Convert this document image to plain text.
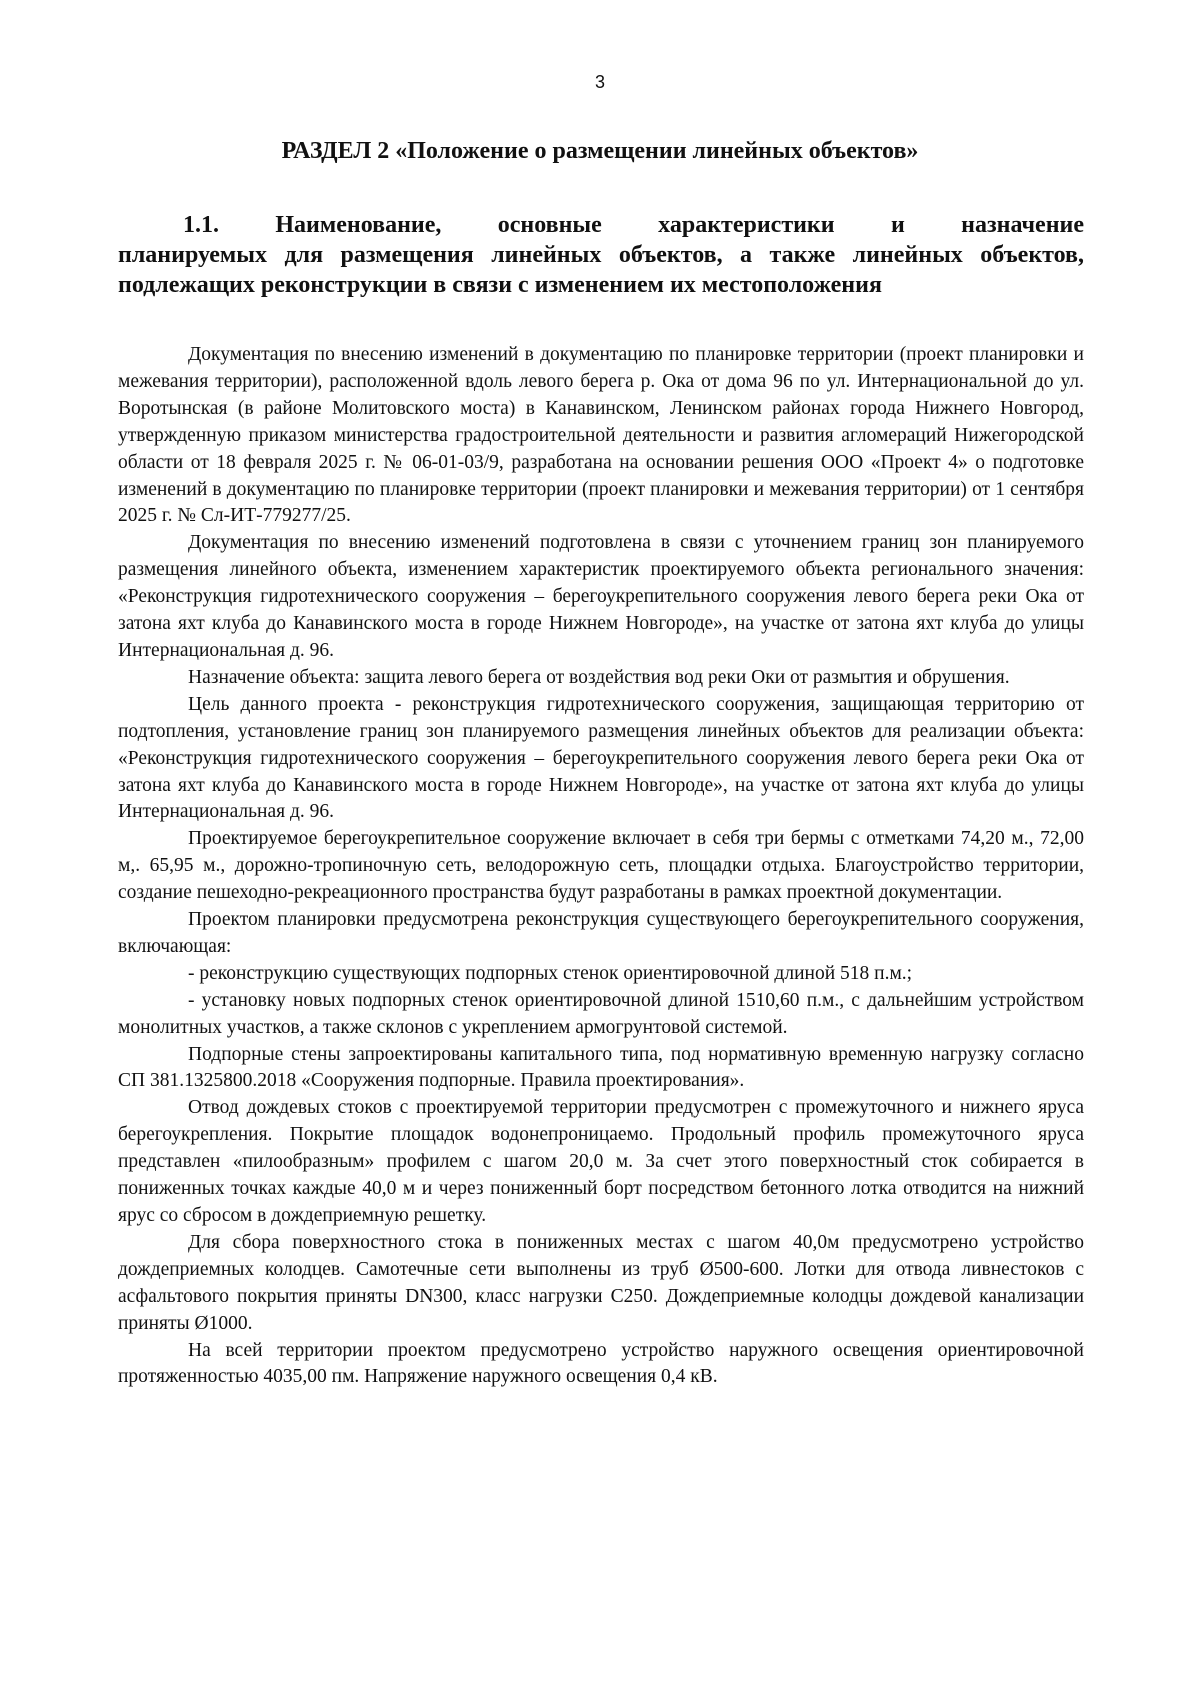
3
РАЗДЕЛ 2 «Положение о размещении линейных объектов»
1.1. Наименование, основные характеристики и назначение
планируемых для размещения линейных объектов, а также линейных объектов, подлежащих реконструкции в связи с изменением их местоположения

Документация по внесению изменений в документацию по планировке территории (проект планировки и межевания территории), расположенной вдоль левого берега р. Ока от дома 96 по ул. Интернациональной до ул. Воротынская (в районе Молитовского моста) в Канавинском, Ленинском районах города Нижнего Новгород, утвержденную приказом министерства градостроительной деятельности и развития агломераций Нижегородской области от 18 февраля 2025 г. № 06-01-03/9, разработана на основании решения ООО «Проект 4» о подготовке изменений в документацию по планировке территории (проект планировки и межевания территории) от 1 сентября 2025 г. № Сл-ИТ-779277/25.

Документация по внесению изменений подготовлена в связи с уточнением границ зон планируемого размещения линейного объекта, изменением характеристик проектируемого объекта регионального значения: «Реконструкция гидротехнического сооружения – берегоукрепительного сооружения левого берега реки Ока от затона яхт клуба до Канавинского моста в городе Нижнем Новгороде», на участке от затона яхт клуба до улицы Интернациональная д. 96.

Назначение объекта: защита левого берега от воздействия вод реки Оки от размытия и обрушения.

Цель данного проекта - реконструкция гидротехнического сооружения, защищающая территорию от подтопления, установление границ зон планируемого размещения линейных объектов для реализации объекта: «Реконструкция гидротехнического сооружения – берегоукрепительного сооружения левого берега реки Ока от затона яхт клуба до Канавинского моста в городе Нижнем Новгороде», на участке от затона яхт клуба до улицы Интернациональная д. 96.

Проектируемое берегоукрепительное сооружение включает в себя три бермы с отметками 74,20 м., 72,00 м,. 65,95 м., дорожно-тропиночную сеть, велодорожную сеть, площадки отдыха. Благоустройство территории, создание пешеходно-рекреационного пространства будут разработаны в рамках проектной документации.

Проектом планировки предусмотрена реконструкция существующего берегоукрепительного сооружения, включающая:

- реконструкцию существующих подпорных стенок ориентировочной длиной 518 п.м.;

- установку новых подпорных стенок ориентировочной длиной 1510,60 п.м., с дальнейшим устройством монолитных участков, а также склонов с укреплением армогрунтовой системой.

Подпорные стены запроектированы капитального типа, под нормативную временную нагрузку согласно СП 381.1325800.2018 «Сооружения подпорные. Правила проектирования».

Отвод дождевых стоков с проектируемой территории предусмотрен с промежуточного и нижнего яруса берегоукрепления. Покрытие площадок водонепроницаемо. Продольный профиль промежуточного яруса представлен «пилообразным» профилем с шагом 20,0 м. За счет этого поверхностный сток собирается в пониженных точках каждые 40,0 м и через пониженный борт посредством бетонного лотка отводится на нижний ярус со сбросом в дождеприемную решетку.

Для сбора поверхностного стока в пониженных местах с шагом 40,0м предусмотрено устройство дождеприемных колодцев. Самотечные сети выполнены из труб Ø500-600. Лотки для отвода ливнестоков с асфальтового покрытия приняты DN300, класс нагрузки С250. Дождеприемные колодцы дождевой канализации приняты Ø1000.

На всей территории проектом предусмотрено устройство наружного освещения ориентировочной протяженностью 4035,00 пм. Напряжение наружного освещения 0,4 кВ.
